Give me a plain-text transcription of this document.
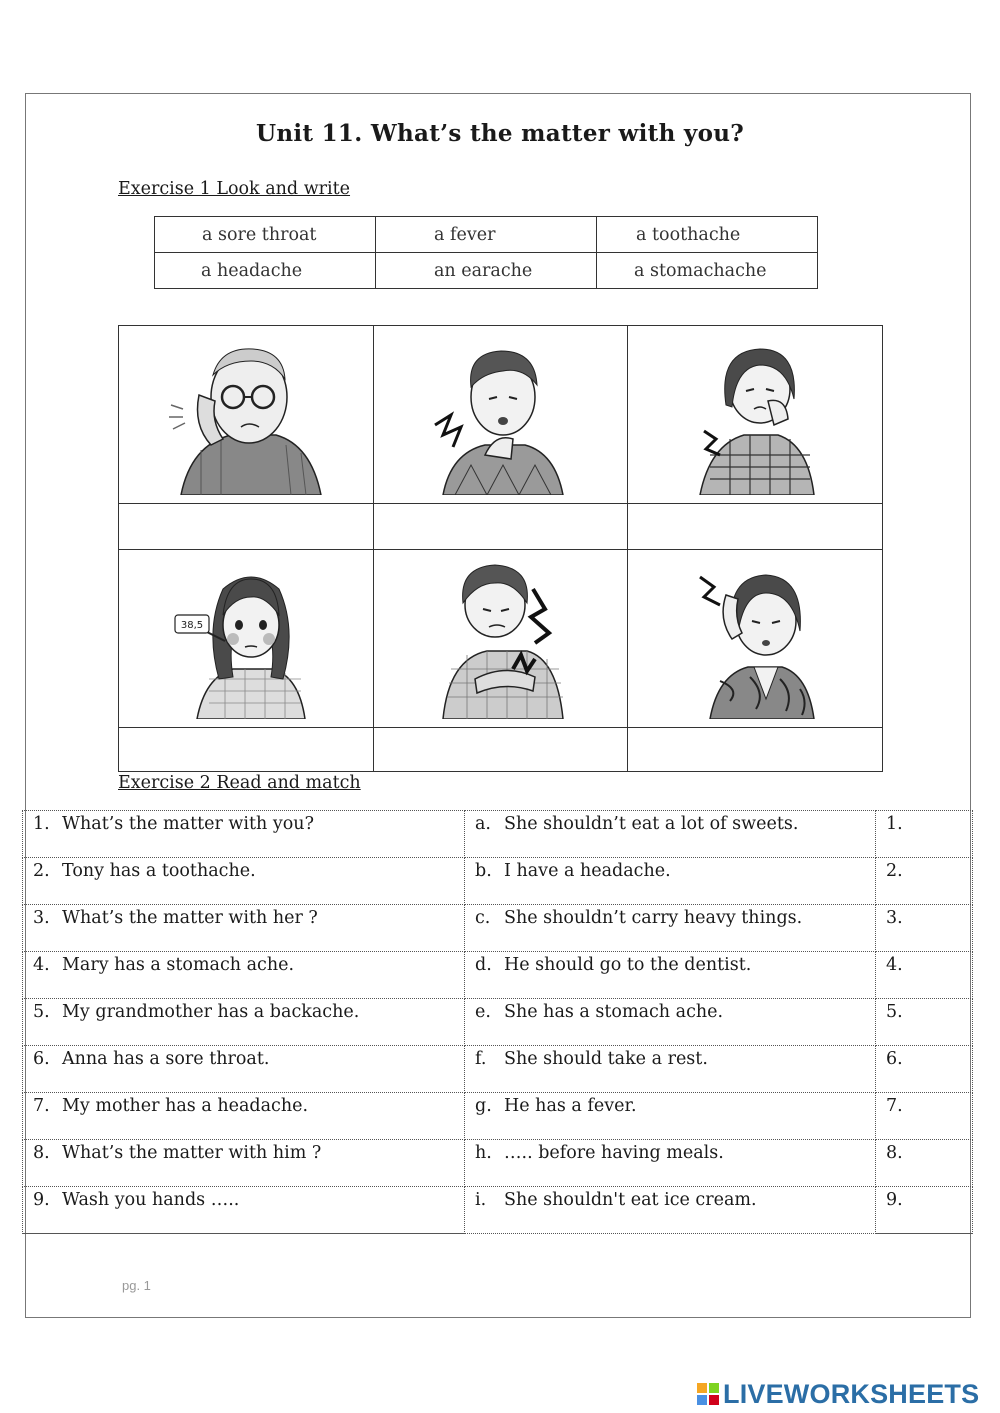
Unit 11. What’s the matter with you?
Exercise 1 Look and write
a sore throat	a fever	a toothache

a headache	an earache	a stomachache

38,5

Exercise 2 Read and match
1. What’s the matter with you?	a. She shouldn’t eat a lot of sweets.	1.

2. Tony has a toothache.	b. I have a headache.	2.

3. What’s the matter with her ?	c. She shouldn’t carry heavy things.	3.

4. Mary has a stomach ache.	d. He should go to the dentist.	4.

5. My grandmother has a backache.	e. She has a stomach ache.	5.

6. Anna has a sore throat.	f. She should take a rest.	6.

7. My mother has a headache.	g. He has a fever.	7.

8. What’s the matter with him ?	h. ….. before having meals.	8.

9. Wash you hands …..	i. She shouldn't eat ice cream.	9.
pg. 1
LIVEWORKSHEETS
